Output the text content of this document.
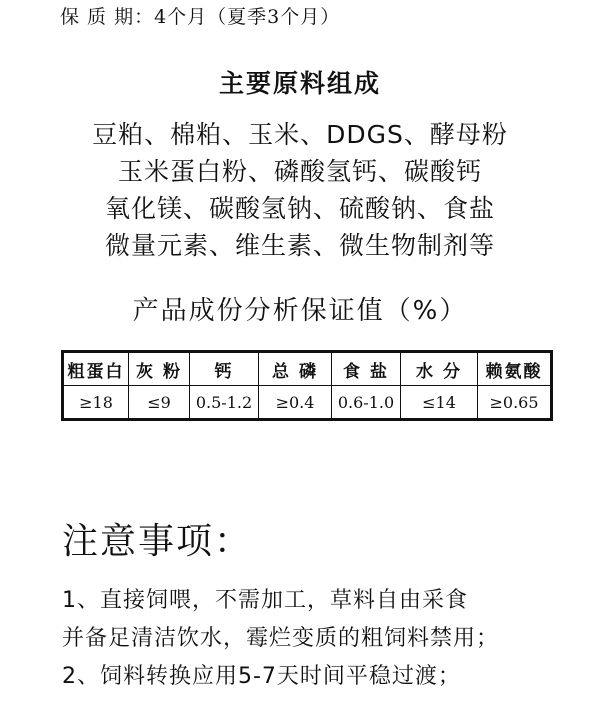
保 质 期：4个月（夏季3个月）
主要原料组成
豆粕、棉粕、玉米、DDGS、酵母粉
玉米蛋白粉、磷酸氢钙、碳酸钙
氧化镁、碳酸氢钠、硫酸钠、食盐
微量元素、维生素、微生物制剂等
产品成份分析保证值（%）
粗蛋白	灰 粉	钙	总 磷	食 盐	水 分	赖氨酸
≥18	≤9	0.5-1.2	≥0.4	0.6-1.0	≤14	≥0.65
注意事项：
1、直接饲喂，不需加工，草料自由采食
并备足清洁饮水，霉烂变质的粗饲料禁用；
2、饲料转换应用5-7天时间平稳过渡；
